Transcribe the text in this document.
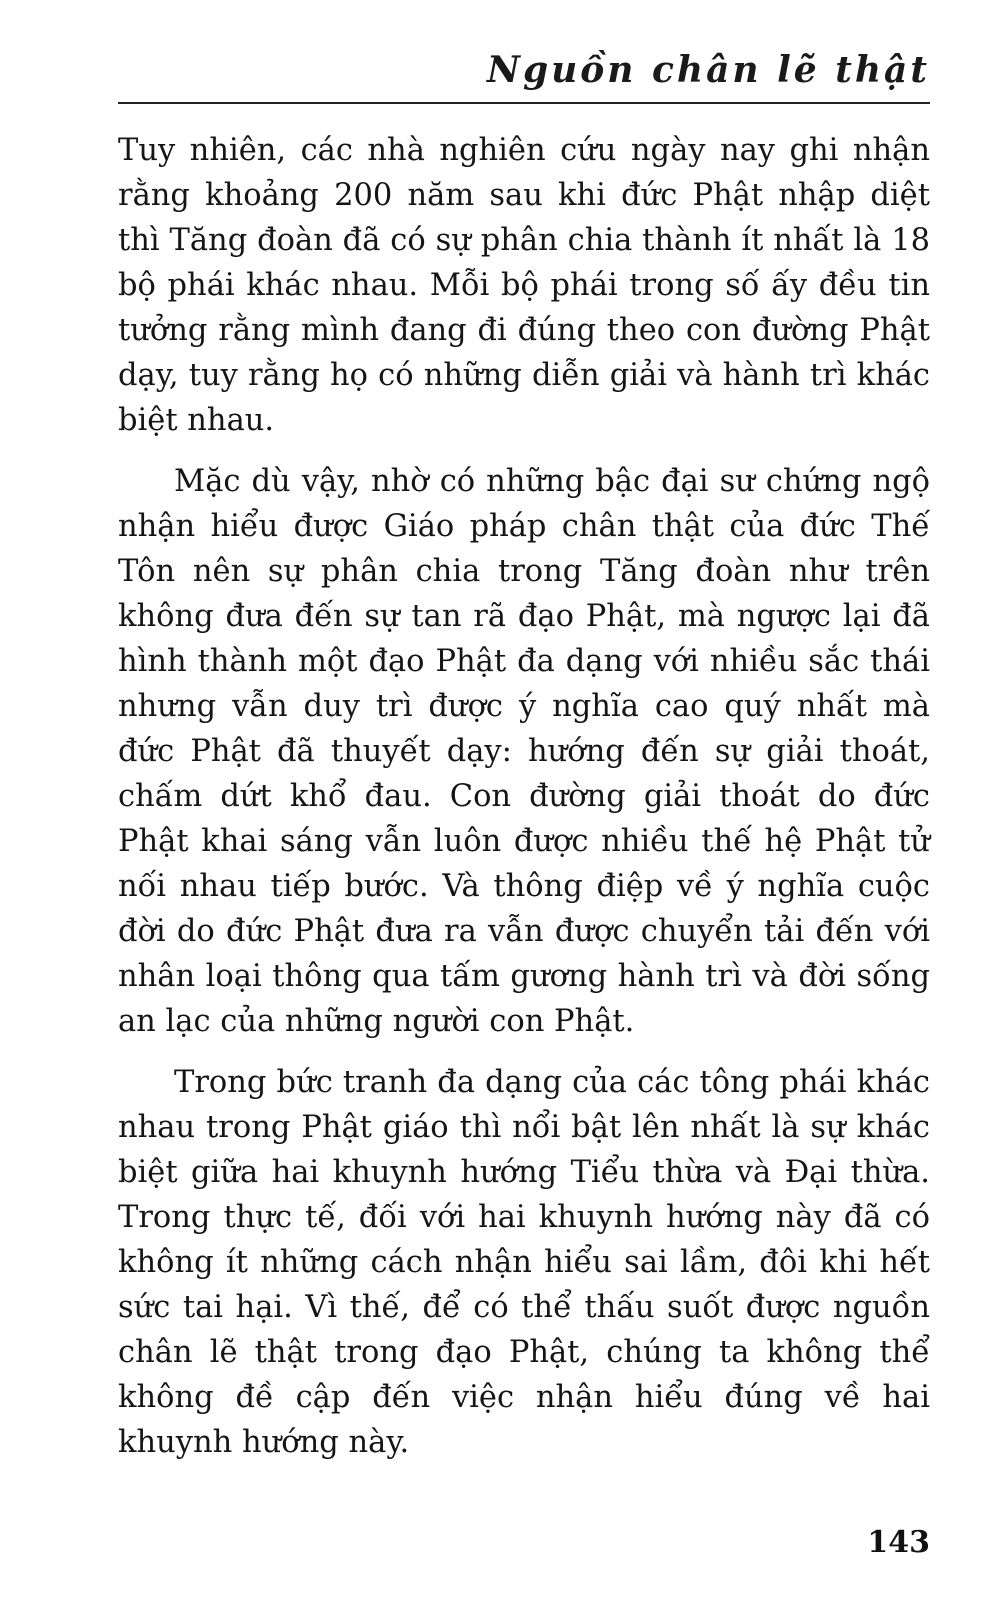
Nguồn chân lẽ thật

Tuy nhiên, các nhà nghiên cứu ngày nay ghi nhận rằng khoảng 200 năm sau khi đức Phật nhập diệt thì Tăng đoàn đã có sự phân chia thành ít nhất là 18 bộ phái khác nhau. Mỗi bộ phái trong số ấy đều tin tưởng rằng mình đang đi đúng theo con đường Phật dạy, tuy rằng họ có những diễn giải và hành trì khác biệt nhau.

Mặc dù vậy, nhờ có những bậc đại sư chứng ngộ nhận hiểu được Giáo pháp chân thật của đức Thế Tôn nên sự phân chia trong Tăng đoàn như trên không đưa đến sự tan rã đạo Phật, mà ngược lại đã hình thành một đạo Phật đa dạng với nhiều sắc thái nhưng vẫn duy trì được ý nghĩa cao quý nhất mà đức Phật đã thuyết dạy: hướng đến sự giải thoát, chấm dứt khổ đau. Con đường giải thoát do đức Phật khai sáng vẫn luôn được nhiều thế hệ Phật tử nối nhau tiếp bước. Và thông điệp về ý nghĩa cuộc đời do đức Phật đưa ra vẫn được chuyển tải đến với nhân loại thông qua tấm gương hành trì và đời sống an lạc của những người con Phật.

Trong bức tranh đa dạng của các tông phái khác nhau trong Phật giáo thì nổi bật lên nhất là sự khác biệt giữa hai khuynh hướng Tiểu thừa và Đại thừa. Trong thực tế, đối với hai khuynh hướng này đã có không ít những cách nhận hiểu sai lầm, đôi khi hết sức tai hại. Vì thế, để có thể thấu suốt được nguồn chân lẽ thật trong đạo Phật, chúng ta không thể không đề cập đến việc nhận hiểu đúng về hai khuynh hướng này.

143
